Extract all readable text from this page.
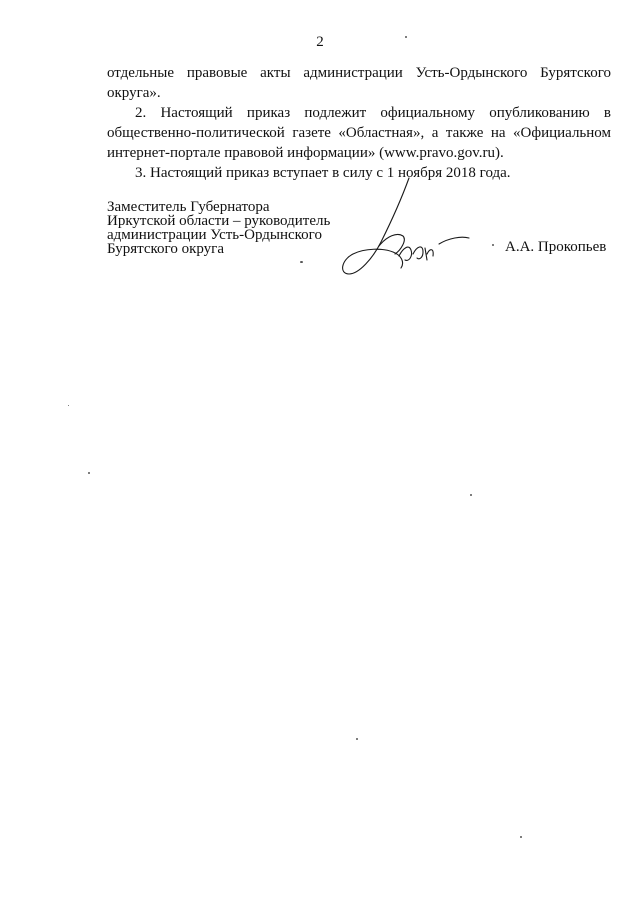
2

отдельные правовые акты администрации Усть-Ордынского Бурятского округа».

2. Настоящий приказ подлежит официальному опубликованию в общественно-политической газете «Областная», а также на «Официальном интернет-портале правовой информации» (www.pravo.gov.ru).

3. Настоящий приказ вступает в силу с 1 ноября 2018 года.

Заместитель Губернатора
Иркутской области – руководитель
администрации Усть-Ордынского
Бурятского округа	А.А. Прокопьев
